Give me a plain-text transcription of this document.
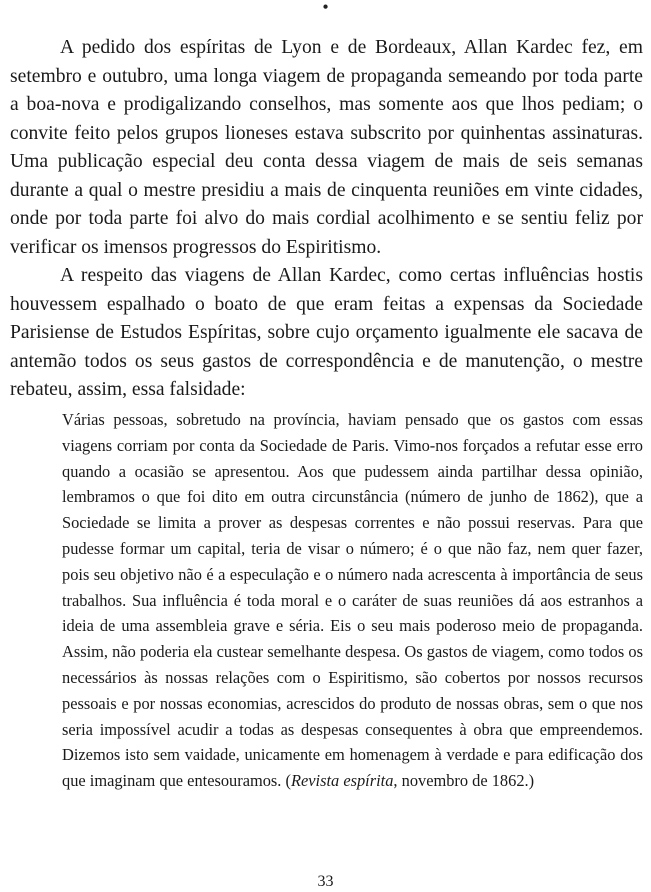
•

A pedido dos espíritas de Lyon e de Bordeaux, Allan Kardec fez, em setembro e outubro, uma longa viagem de propaganda semeando por toda parte a boa-nova e prodigalizando conselhos, mas somente aos que lhos pediam; o convite feito pelos grupos lioneses estava subscrito por quinhentas assinaturas. Uma publicação especial deu conta dessa viagem de mais de seis semanas durante a qual o mestre presidiu a mais de cinquenta reuniões em vinte cidades, onde por toda parte foi alvo do mais cordial acolhimento e se sentiu feliz por verificar os imensos progressos do Espiritismo.

A respeito das viagens de Allan Kardec, como certas influências hostis houvessem espalhado o boato de que eram feitas a expensas da Sociedade Parisiense de Estudos Espíritas, sobre cujo orçamento igualmente ele sacava de antemão todos os seus gastos de correspondência e de manutenção, o mestre rebateu, assim, essa falsidade:

Várias pessoas, sobretudo na província, haviam pensado que os gastos com essas viagens corriam por conta da Sociedade de Paris. Vimo-nos forçados a refutar esse erro quando a ocasião se apresentou. Aos que pudessem ainda partilhar dessa opinião, lembramos o que foi dito em outra circunstância (número de junho de 1862), que a Sociedade se limita a prover as despesas correntes e não possui reservas. Para que pudesse formar um capital, teria de visar o número; é o que não faz, nem quer fazer, pois seu objetivo não é a especulação e o número nada acrescenta à importância de seus trabalhos. Sua influência é toda moral e o caráter de suas reuniões dá aos estranhos a ideia de uma assembleia grave e séria. Eis o seu mais poderoso meio de propaganda. Assim, não poderia ela custear semelhante despesa. Os gastos de viagem, como todos os necessários às nossas relações com o Espiritismo, são cobertos por nossos recursos pessoais e por nossas economias, acrescidos do produto de nossas obras, sem o que nos seria impossível acudir a todas as despesas consequentes à obra que empreendemos. Dizemos isto sem vaidade, unicamente em homenagem à verdade e para edificação dos que imaginam que entesouramos. (Revista espírita, novembro de 1862.)

33
